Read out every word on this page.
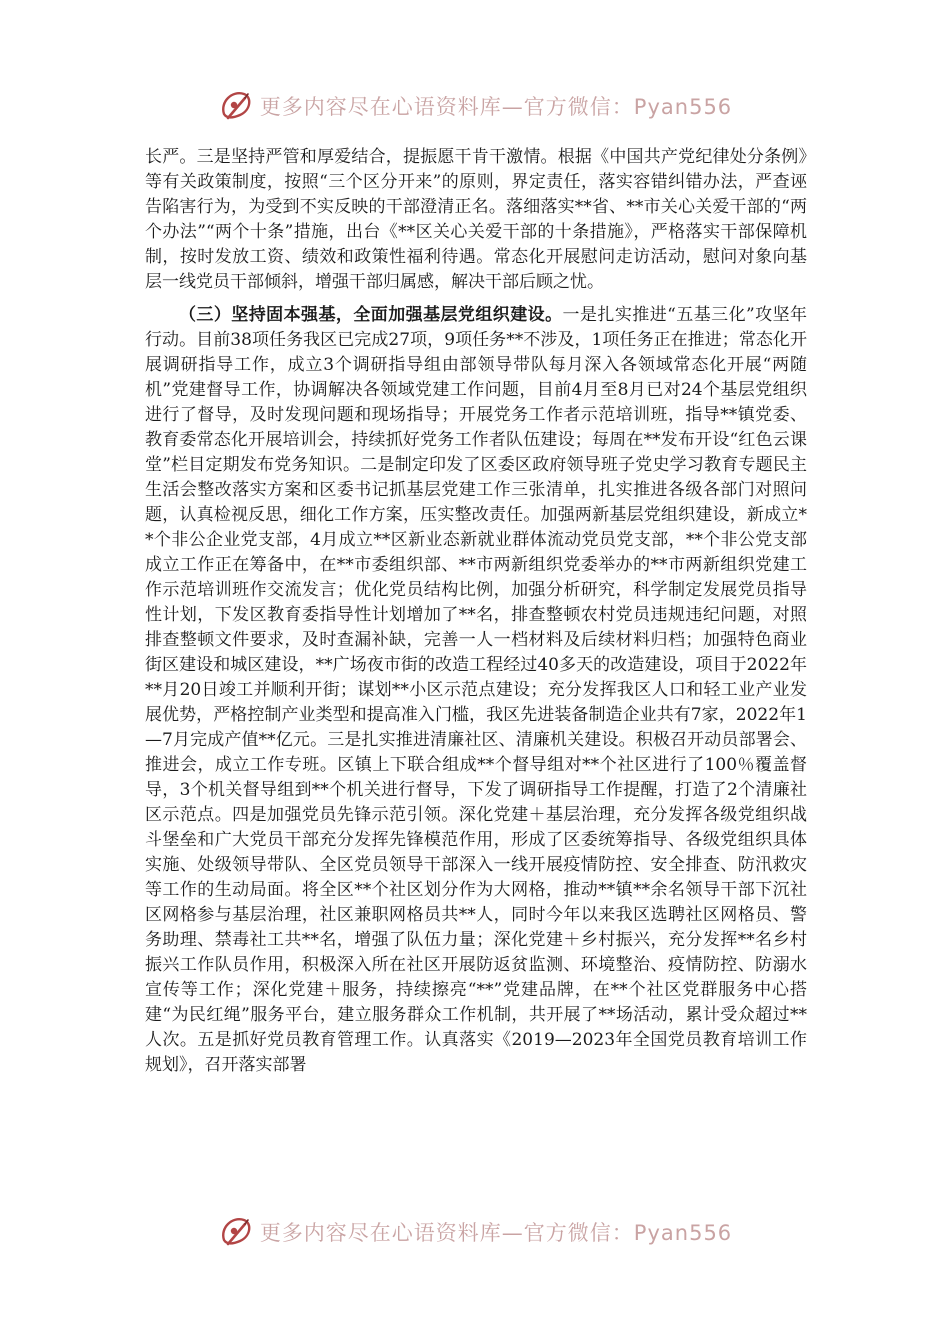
更多内容尽在心语资料库—官方微信：Pyan556

长严。三是坚持严管和厚爱结合，提振愿干肯干激情。根据《中国共产党纪律处分条例》等有关政策制度，按照“三个区分开来”的原则，界定责任，落实容错纠错办法，严查诬告陷害行为，为受到不实反映的干部澄清正名。落细落实**省、**市关心关爱干部的“两个办法”“两个十条”措施，出台《**区关心关爱干部的十条措施》，严格落实干部保障机制，按时发放工资、绩效和政策性福利待遇。常态化开展慰问走访活动，慰问对象向基层一线党员干部倾斜，增强干部归属感，解决干部后顾之忧。

（三）坚持固本强基，全面加强基层党组织建设。一是扎实推进“五基三化”攻坚年行动。目前38项任务我区已完成27项，9项任务**不涉及，1项任务正在推进；常态化开展调研指导工作，成立3个调研指导组由部领导带队每月深入各领域常态化开展“两随机”党建督导工作，协调解决各领域党建工作问题，目前4月至8月已对24个基层党组织进行了督导，及时发现问题和现场指导；开展党务工作者示范培训班，指导**镇党委、教育委常态化开展培训会，持续抓好党务工作者队伍建设；每周在**发布开设“红色云课堂”栏目定期发布党务知识。二是制定印发了区委区政府领导班子党史学习教育专题民主生活会整改落实方案和区委书记抓基层党建工作三张清单，扎实推进各级各部门对照问题，认真检视反思，细化工作方案，压实整改责任。加强两新基层党组织建设，新成立**个非公企业党支部，4月成立**区新业态新就业群体流动党员党支部，**个非公党支部成立工作正在筹备中，在**市委组织部、**市两新组织党委举办的**市两新组织党建工作示范培训班作交流发言；优化党员结构比例，加强分析研究，科学制定发展党员指导性计划，下发区教育委指导性计划增加了**名，排查整顿农村党员违规违纪问题，对照排查整顿文件要求，及时查漏补缺，完善一人一档材料及后续材料归档；加强特色商业街区建设和城区建设，**广场夜市街的改造工程经过40多天的改造建设，项目于2022年**月20日竣工并顺利开街；谋划**小区示范点建设；充分发挥我区人口和轻工业产业发展优势，严格控制产业类型和提高准入门槛，我区先进装备制造企业共有7家，2022年1—7月完成产值**亿元。三是扎实推进清廉社区、清廉机关建设。积极召开动员部署会、推进会，成立工作专班。区镇上下联合组成**个督导组对**个社区进行了100％覆盖督导，3个机关督导组到**个机关进行督导，下发了调研指导工作提醒，打造了2个清廉社区示范点。四是加强党员先锋示范引领。深化党建＋基层治理，充分发挥各级党组织战斗堡垒和广大党员干部充分发挥先锋模范作用，形成了区委统筹指导、各级党组织具体实施、处级领导带队、全区党员领导干部深入一线开展疫情防控、安全排查、防汛救灾等工作的生动局面。将全区**个社区划分作为大网格，推动**镇**余名领导干部下沉社区网格参与基层治理，社区兼职网格员共**人，同时今年以来我区选聘社区网格员、警务助理、禁毒社工共**名，增强了队伍力量；深化党建＋乡村振兴，充分发挥**名乡村振兴工作队员作用，积极深入所在社区开展防返贫监测、环境整治、疫情防控、防溺水宣传等工作；深化党建＋服务，持续擦亮“**”党建品牌，在**个社区党群服务中心搭建“为民红绳”服务平台，建立服务群众工作机制，共开展了**场活动，累计受众超过**人次。五是抓好党员教育管理工作。认真落实《2019—2023年全国党员教育培训工作规划》，召开落实部署

更多内容尽在心语资料库—官方微信：Pyan556
